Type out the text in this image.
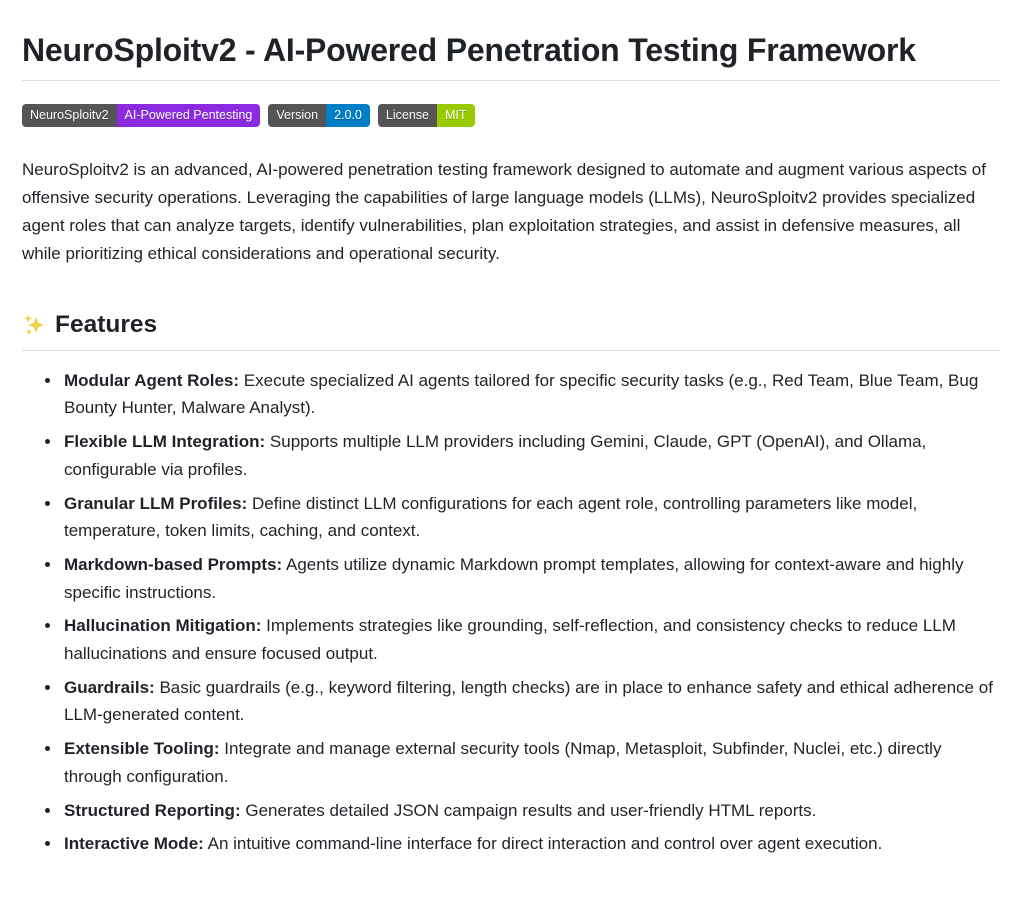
NeuroSploitv2 - AI-Powered Penetration Testing Framework
NeuroSploitv2	AI-Powered Pentesting	Version	2.0.0	License	MIT

NeuroSploitv2 is an advanced, AI-powered penetration testing framework designed to automate and augment various aspects of offensive security operations. Leveraging the capabilities of large language models (LLMs), NeuroSploitv2 provides specialized agent roles that can analyze targets, identify vulnerabilities, plan exploitation strategies, and assist in defensive measures, all while prioritizing ethical considerations and operational security.

Features
• Modular Agent Roles: Execute specialized AI agents tailored for specific security tasks (e.g., Red Team, Blue Team, Bug Bounty Hunter, Malware Analyst).
• Flexible LLM Integration: Supports multiple LLM providers including Gemini, Claude, GPT (OpenAI), and Ollama, configurable via profiles.
• Granular LLM Profiles: Define distinct LLM configurations for each agent role, controlling parameters like model, temperature, token limits, caching, and context.
• Markdown-based Prompts: Agents utilize dynamic Markdown prompt templates, allowing for context-aware and highly specific instructions.
• Hallucination Mitigation: Implements strategies like grounding, self-reflection, and consistency checks to reduce LLM hallucinations and ensure focused output.
• Guardrails: Basic guardrails (e.g., keyword filtering, length checks) are in place to enhance safety and ethical adherence of LLM-generated content.
• Extensible Tooling: Integrate and manage external security tools (Nmap, Metasploit, Subfinder, Nuclei, etc.) directly through configuration.
• Structured Reporting: Generates detailed JSON campaign results and user-friendly HTML reports.
• Interactive Mode: An intuitive command-line interface for direct interaction and control over agent execution.
